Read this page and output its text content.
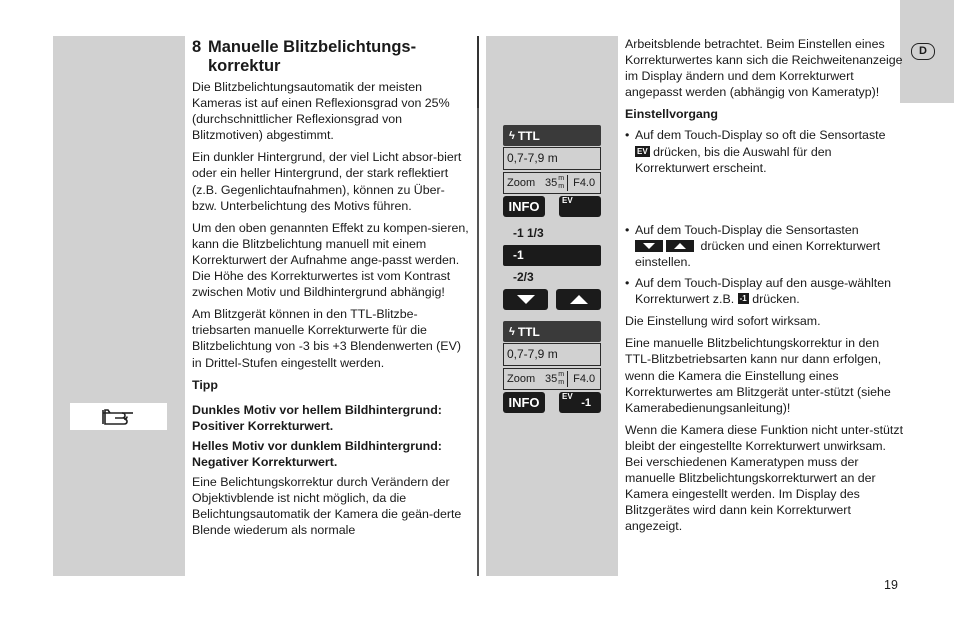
D
8 Manuelle Blitzbelichtungs-korrektur

Die Blitzbelichtungsautomatik der meisten Kameras ist auf einen Reflexionsgrad von 25% (durchschnittlicher Reflexionsgrad von Blitzmotiven) abgestimmt.

Ein dunkler Hintergrund, der viel Licht absor-biert oder ein heller Hintergrund, der stark reflektiert (z.B. Gegenlichtaufnahmen), können zu Über- bzw. Unterbelichtung des Motivs führen.

Um den oben genannten Effekt zu kompen-sieren, kann die Blitzbelichtung manuell mit einem Korrekturwert der Aufnahme ange-passt werden. Die Höhe des Korrekturwertes ist vom Kontrast zwischen Motiv und Bildhintergrund abhängig!

Am Blitzgerät können in den TTL-Blitzbe-triebsarten manuelle Korrekturwerte für die Blitzbelichtung von -3 bis +3 Blendenwerten (EV) in Drittel-Stufen eingestellt werden.

Tipp

Dunkles Motiv vor hellem Bildhintergrund: Positiver Korrekturwert.

Helles Motiv vor dunklem Bildhintergrund: Negativer Korrekturwert.

Eine Belichtungskorrektur durch Verändern der Objektivblende ist nicht möglich, da die Belichtungsautomatik der Kamera die geän-derte Blende wiederum als normale

ϟ TTL
0,7-7,9 m
Zoom 35 m
m F4.0
INFO	EV
-1 1/3
-1
-2/3
ϟ TTL
0,7-7,9 m
Zoom 35 m
m F4.0
INFO	EV
-1

Arbeitsblende betrachtet. Beim Einstellen eines Korrekturwertes kann sich die Reichweitenanzeige im Display ändern und dem Korrekturwert angepasst werden (abhängig von Kameratyp)!

Einstellvorgang

• Auf dem Touch-Display so oft die Sensortaste EV drücken, bis die Auswahl für den Korrekturwert erscheint.
• Auf dem Touch-Display die Sensortasten

drücken und einen Korrekturwert einstellen.
• Auf dem Touch-Display auf den ausge-wählten Korrekturwert z.B. -1 drücken.

Die Einstellung wird sofort wirksam.

Eine manuelle Blitzbelichtungskorrektur in den TTL-Blitzbetriebsarten kann nur dann erfolgen, wenn die Kamera die Einstellung eines Korrekturwertes am Blitzgerät unter-stützt (siehe Kamerabedienungsanleitung)!

Wenn die Kamera diese Funktion nicht unter-stützt bleibt der eingestellte Korrekturwert unwirksam.

Bei verschiedenen Kameratypen muss der manuelle Blitzbelichtungskorrekturwert an der Kamera eingestellt werden. Im Display des Blitzgerätes wird dann kein Korrekturwert angezeigt.

19
